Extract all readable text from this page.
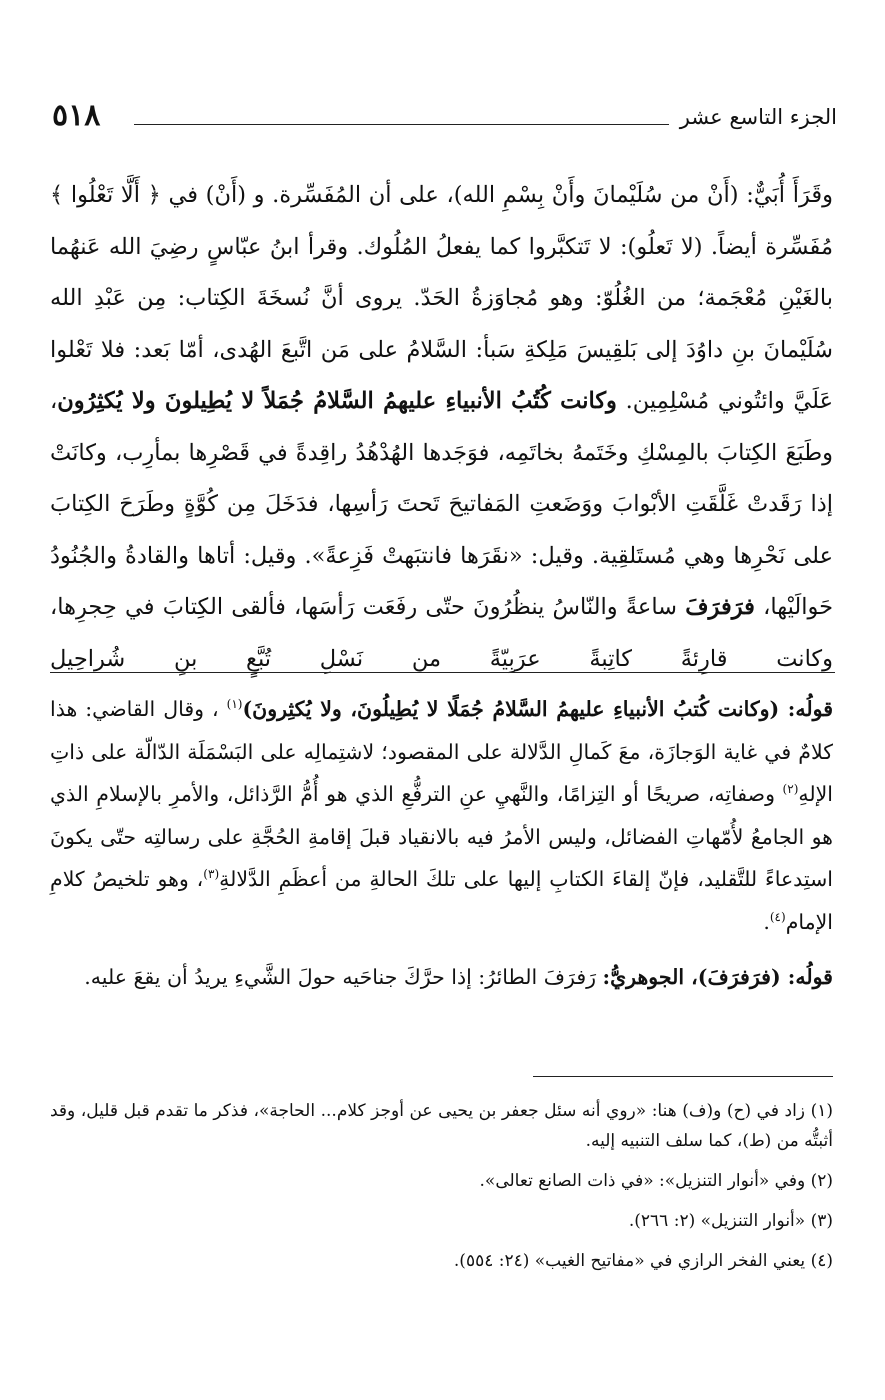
٥١٨	الجزء التاسع عشر

وقَرَأَ أُبَيٌّ: (أَنْ من سُلَيْمانَ وأَنْ بِسْمِ الله)، على أن المُفَسِّرة. و (أَنْ) في ﴿ أَلَّا تَعْلُوا ﴾ مُفَسِّرة أيضاً. (لا تَعلُو): لا تَتكبَّروا كما يفعلُ المُلُوك. وقرأ ابنُ عبّاسٍ رضِيَ الله عَنهُما بالغَيْنِ مُعْجَمة؛ من الغُلُوّ: وهو مُجاوَزةُ الحَدّ. يروى أنَّ نُسخَةَ الكِتاب: مِن عَبْدِ الله سُلَيْمانَ بنِ داوُدَ إلى بَلقِيسَ مَلِكةِ سَبأ: السَّلامُ على مَن اتَّبعَ الهُدى، أمّا بَعد: فلا تَعْلوا عَلَيَّ وائتُوني مُسْلِمِين. وكانت كُتُبُ الأنبياءِ عليهمُ السَّلامُ جُمَلاً لا يُطِيلونَ ولا يُكثِرُون، وطَبَعَ الكِتابَ بالمِسْكِ وخَتَمهُ بخاتَمِه، فوَجَدها الهُدْهُدُ راقِدةً في قَصْرِها بمأرِب، وكانَتْ إذا رَقَدتْ غَلَّقَتِ الأبْوابَ ووَضَعتِ المَفاتيحَ تَحتَ رَأسِها، فدَخَلَ مِن كُوَّةٍ وطَرَحَ الكِتابَ على نَحْرِها وهي مُستَلقِية. وقيل: «نقَرَها فانتبَهتْ فَزِعةً». وقيل: أتاها والقادةُ والجُنُودُ حَوالَيْها، فرَفرَفَ ساعةً والنّاسُ ينظُرُونَ حتّى رفَعَت رَأسَها، فألقى الكِتابَ في حِجرِها، وكانت قارِئةً كاتِبةً عرَبِيّةً من نَسْلِ تُبَّعٍ بنِ شُراحِيل

قولُه: (وكانت كُتبُ الأنبياءِ عليهمُ السَّلامُ جُمَلًا لا يُطِيلُونَ، ولا يُكثِرونَ)$^{(١)}$ ، وقال القاضي: هذا كلامٌ في غاية الوَجازَة، معَ كَمالِ الدَّلالة على المقصود؛ لاشتِمالِه على البَسْمَلَة الدّالّة على ذاتِ الإلهِ$^{(٢)}$ وصفاتِه، صريحًا أو التِزامًا، والنَّهيِ عنِ الترفُّعِ الذي هو أُمُّ الرَّذائل، والأمرِ بالإسلامِ الذي هو الجامعُ لأُمّهاتِ الفضائل، وليس الأمرُ فيه بالانقياد قبلَ إقامةِ الحُجَّةِ على رسالتِه حتّى يكونَ استِدعاءً للتَّقليد، فإنّ إلقاءَ الكتابِ إليها على تلكَ الحالةِ من أعظَمِ الدَّلالةِ$^{(٣)}$، وهو تلخيصُ كلامِ الإمام$^{(٤)}$.

قولُه: (فرَفرَفَ)، الجوهريُّ: رَفرَفَ الطائرُ: إذا حرَّكَ جناحَيه حولَ الشَّيءِ يريدُ أن يقعَ عليه.

(١) زاد في (ح) و(ف) هنا: «روي أنه سئل جعفر بن يحيى عن أوجز كلام... الحاجة»، فذكر ما تقدم قبل قليل، وقد أثبتُّه من (ط)، كما سلف التنبيه إليه.

(٢) وفي «أنوار التنزيل»: «في ذات الصانع تعالى».

(٣) «أنوار التنزيل» (٢: ٢٦٦).

(٤) يعني الفخر الرازي في «مفاتيح الغيب» (٢٤: ٥٥٤).
